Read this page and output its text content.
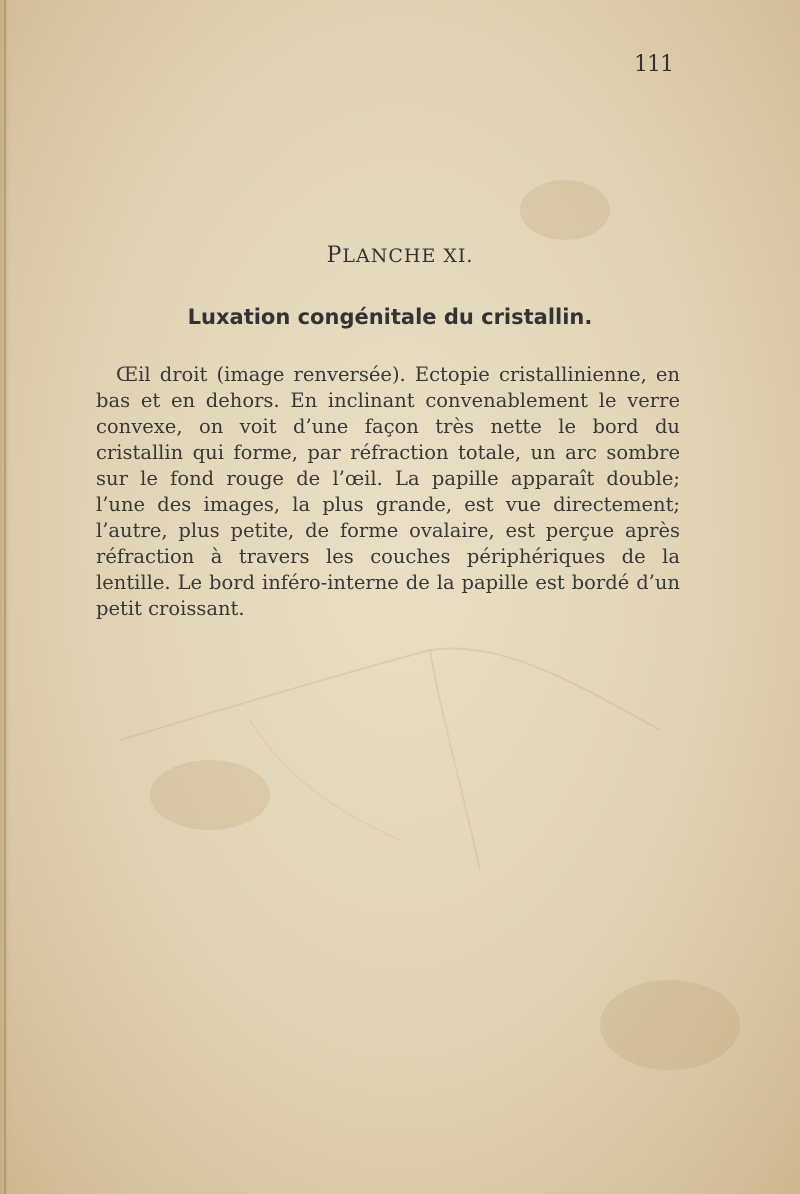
111
PLANCHE XI.
Luxation congénitale du cristallin.

Œil droit (image renversée). Ectopie cristallinienne, en bas et en dehors. En inclinant convenablement le verre convexe, on voit d’une façon très nette le bord du cristallin qui forme, par réfraction totale, un arc sombre sur le fond rouge de l’œil. La papille apparaît double; l’une des images, la plus grande, est vue directement; l’autre, plus petite, de forme ovalaire, est perçue après réfraction à travers les couches périphériques de la lentille. Le bord inféro-interne de la papille est bordé d’un petit croissant.
